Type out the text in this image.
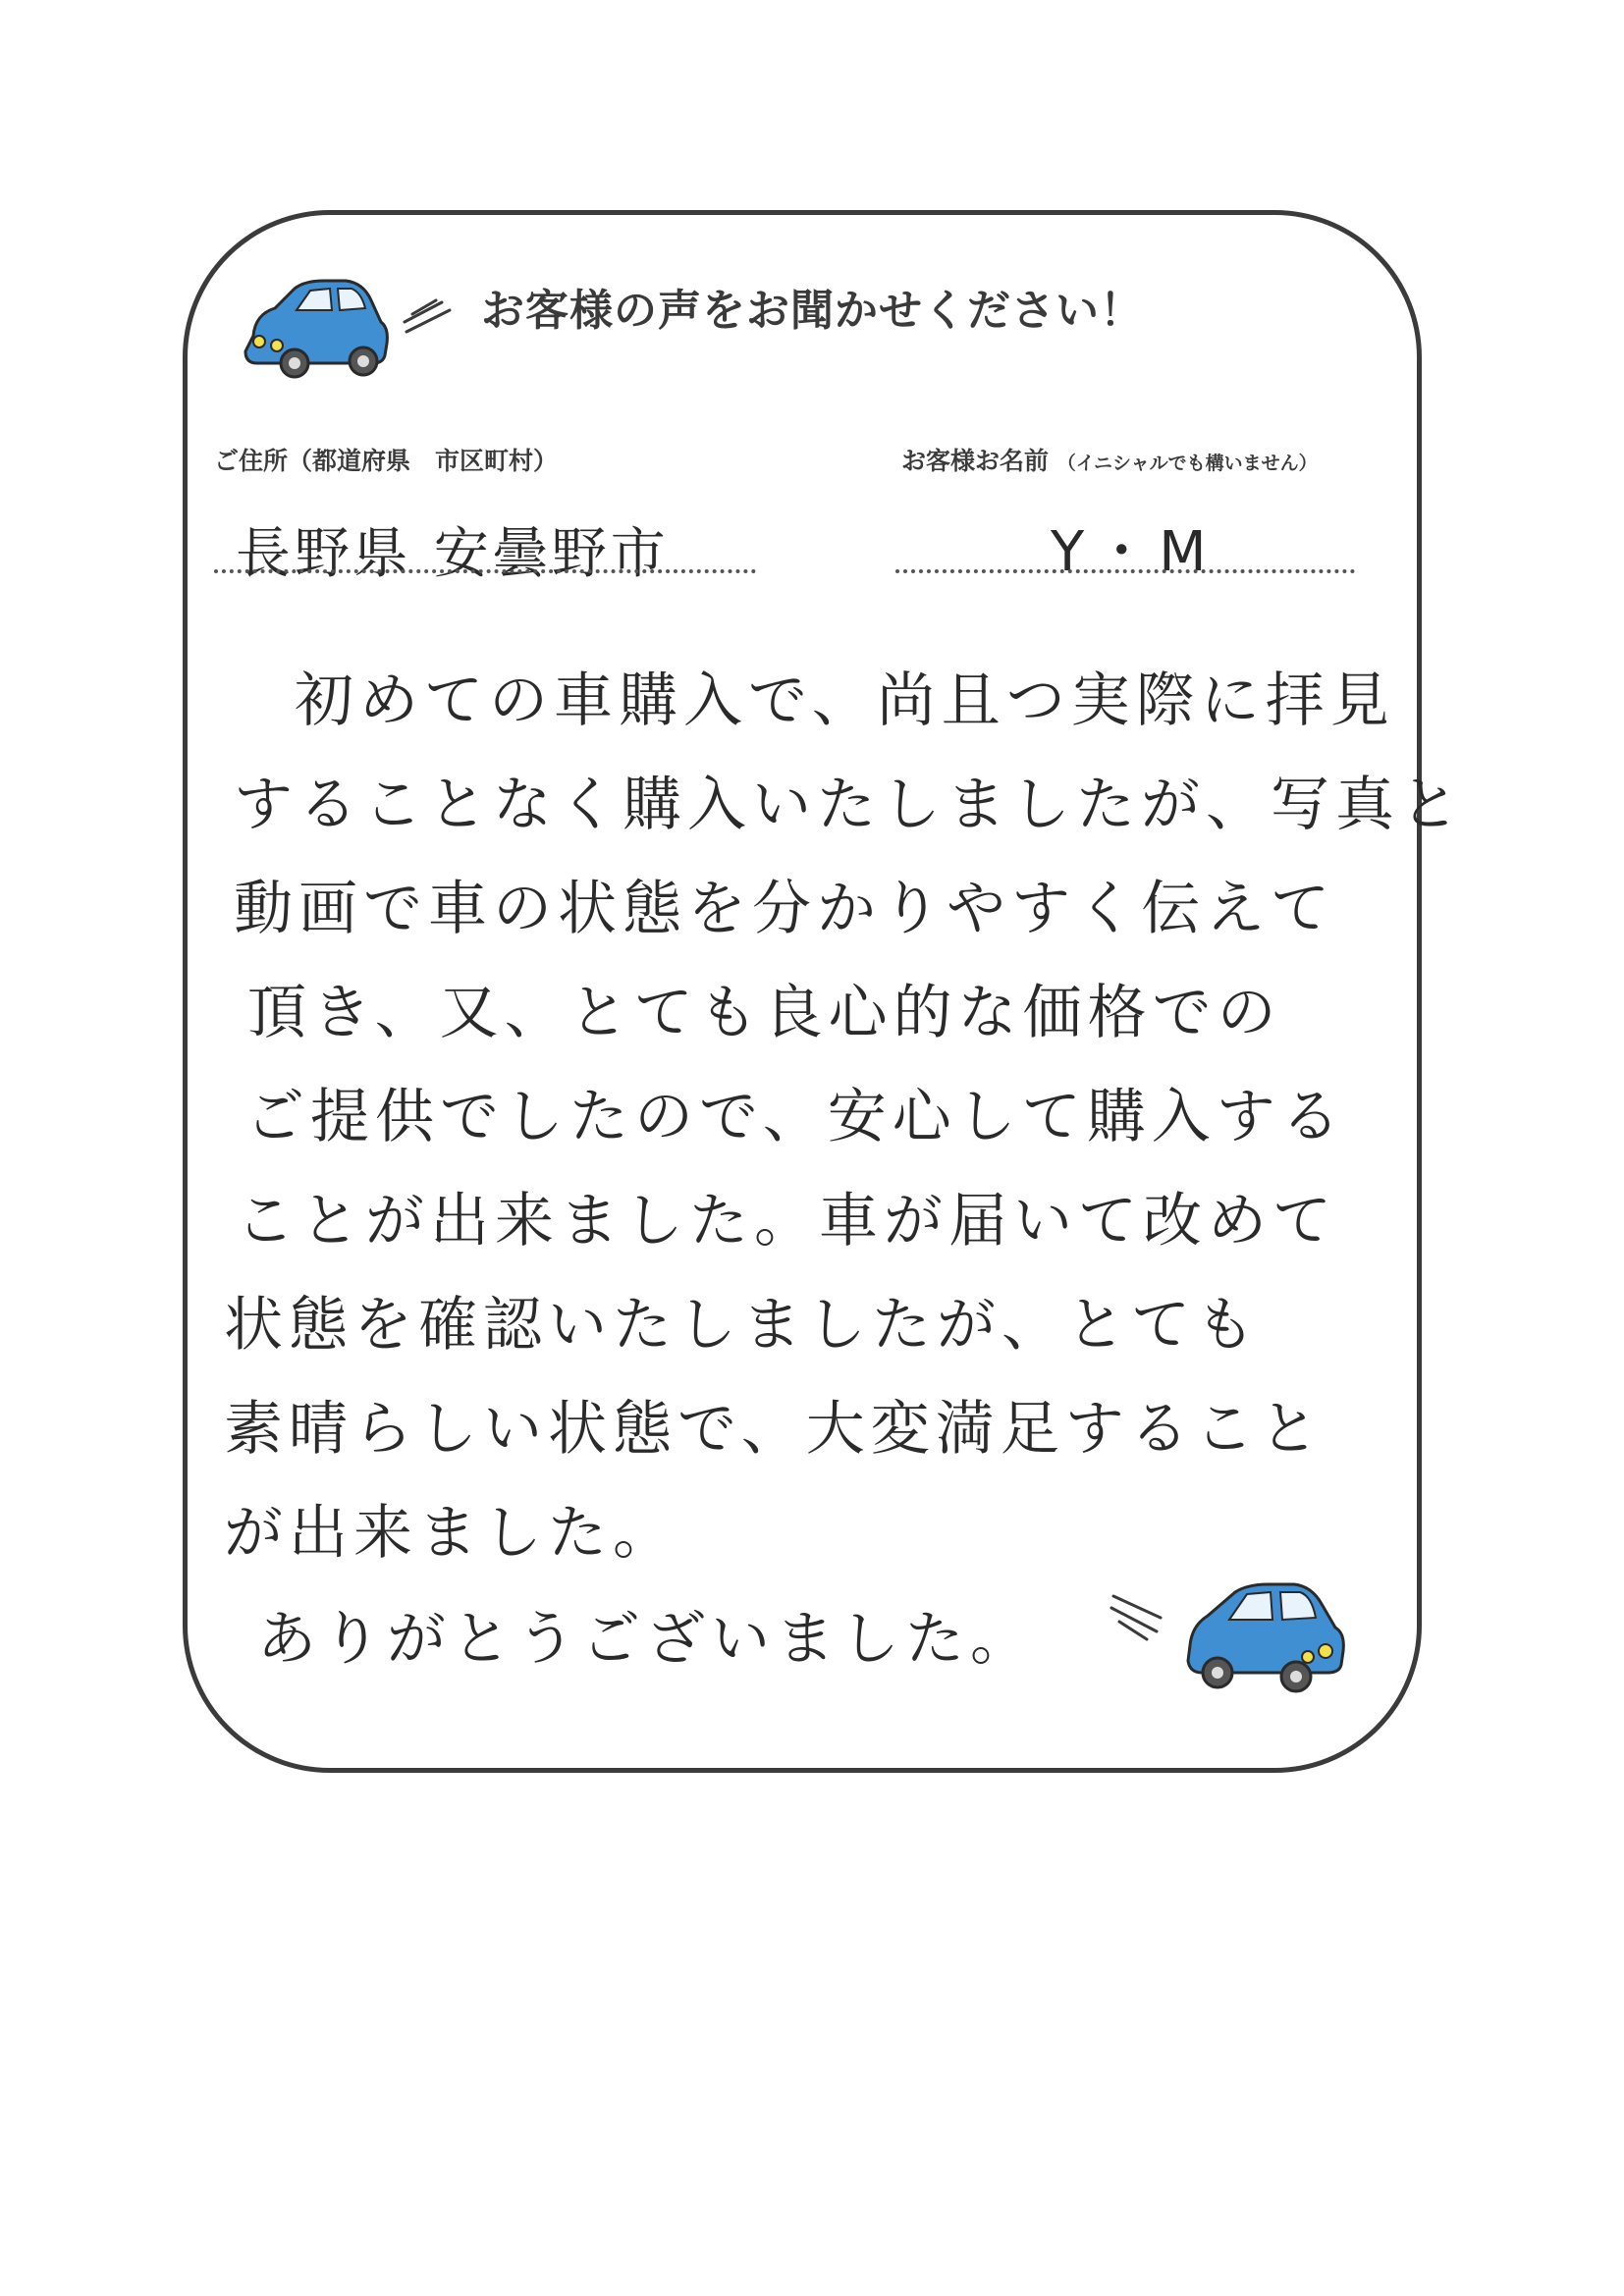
お客様の声をお聞かせください！
ご住所（都道府県　市区町村）	お客様お名前 （イニシャルでも構いません）
長野県 安曇野市	Y・M
初めての車購入で、尚且つ実際に拝見
することなく購入いたしましたが、写真と
動画で車の状態を分かりやすく伝えて
頂き、又、とても良心的な価格での
ご提供でしたので、安心して購入する
ことが出来ました。車が届いて改めて
状態を確認いたしましたが、とても
素晴らしい状態で、大変満足すること
が出来ました。
ありがとうございました。
